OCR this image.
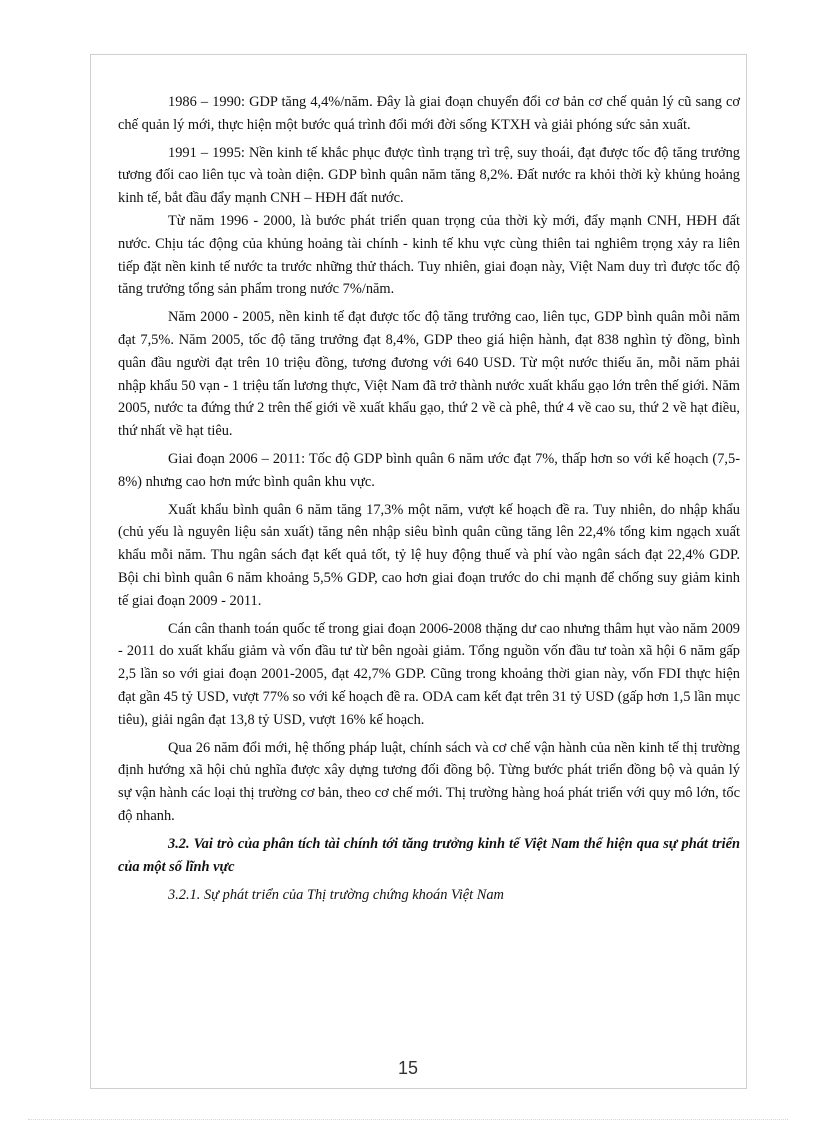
1986 – 1990: GDP tăng 4,4%/năm. Đây là giai đoạn chuyển đổi cơ bản cơ chế quản lý cũ sang cơ chế quản lý mới, thực hiện một bước quá trình đổi mới đời sống KTXH và giải phóng sức sản xuất.

1991 – 1995: Nền kinh tế khắc phục được tình trạng trì trệ, suy thoái, đạt được tốc độ tăng trưởng tương đối cao liên tục và toàn diện. GDP bình quân năm tăng 8,2%. Đất nước ra khỏi thời kỳ khủng hoảng kinh tế, bắt đầu đẩy mạnh CNH – HĐH đất nước.

Từ năm 1996 - 2000, là bước phát triển quan trọng của thời kỳ mới, đẩy mạnh CNH, HĐH đất nước. Chịu tác động của khủng hoảng tài chính - kinh tế khu vực cùng thiên tai nghiêm trọng xảy ra liên tiếp đặt nền kinh tế nước ta trước những thử thách. Tuy nhiên, giai đoạn này, Việt Nam duy trì được tốc độ tăng trưởng tổng sản phẩm trong nước 7%/năm.

Năm 2000 - 2005, nền kinh tế đạt được tốc độ tăng trưởng cao, liên tục, GDP bình quân mỗi năm đạt 7,5%. Năm 2005, tốc độ tăng trưởng đạt 8,4%, GDP theo giá hiện hành, đạt 838 nghìn tỷ đồng, bình quân đầu người đạt trên 10 triệu đồng, tương đương với 640 USD. Từ một nước thiếu ăn, mỗi năm phải nhập khẩu 50 vạn - 1 triệu tấn lương thực, Việt Nam đã trở thành nước xuất khẩu gạo lớn trên thế giới. Năm 2005, nước ta đứng thứ 2 trên thế giới về xuất khẩu gạo, thứ 2 về cà phê, thứ 4 về cao su, thứ 2 về hạt điều, thứ nhất về hạt tiêu.

Giai đoạn 2006 – 2011: Tốc độ GDP bình quân 6 năm ước đạt 7%, thấp hơn so với kế hoạch (7,5-8%) nhưng cao hơn mức bình quân khu vực.

Xuất khẩu bình quân 6 năm tăng 17,3% một năm, vượt kế hoạch đề ra. Tuy nhiên, do nhập khẩu (chủ yếu là nguyên liệu sản xuất) tăng nên nhập siêu bình quân cũng tăng lên 22,4% tổng kim ngạch xuất khẩu mỗi năm. Thu ngân sách đạt kết quả tốt, tỷ lệ huy động thuế và phí vào ngân sách đạt 22,4% GDP. Bội chi bình quân 6 năm khoảng 5,5% GDP, cao hơn giai đoạn trước do chi mạnh để chống suy giảm kinh tế giai đoạn 2009 - 2011.

Cán cân thanh toán quốc tế trong giai đoạn 2006-2008 thặng dư cao nhưng thâm hụt vào năm 2009 - 2011 do xuất khẩu giảm và vốn đầu tư từ bên ngoài giảm. Tổng nguồn vốn đầu tư toàn xã hội 6 năm gấp 2,5 lần so với giai đoạn 2001-2005, đạt 42,7% GDP. Cũng trong khoảng thời gian này, vốn FDI thực hiện đạt gần 45 tỷ USD, vượt 77% so với kế hoạch đề ra. ODA cam kết đạt trên 31 tỷ USD (gấp hơn 1,5 lần mục tiêu), giải ngân đạt 13,8 tỷ USD, vượt 16% kế hoạch.

Qua 26 năm đổi mới, hệ thống pháp luật, chính sách và cơ chế vận hành của nền kinh tế thị trường định hướng xã hội chủ nghĩa được xây dựng tương đối đồng bộ. Từng bước phát triển đồng bộ và quản lý sự vận hành các loại thị trường cơ bản, theo cơ chế mới. Thị trường hàng hoá phát triển với quy mô lớn, tốc độ nhanh.

3.2. Vai trò của phân tích tài chính tới tăng trưởng kinh tế Việt Nam thể hiện qua sự phát triển của một số lĩnh vực

3.2.1. Sự phát triển của Thị trường chứng khoán Việt Nam

15
